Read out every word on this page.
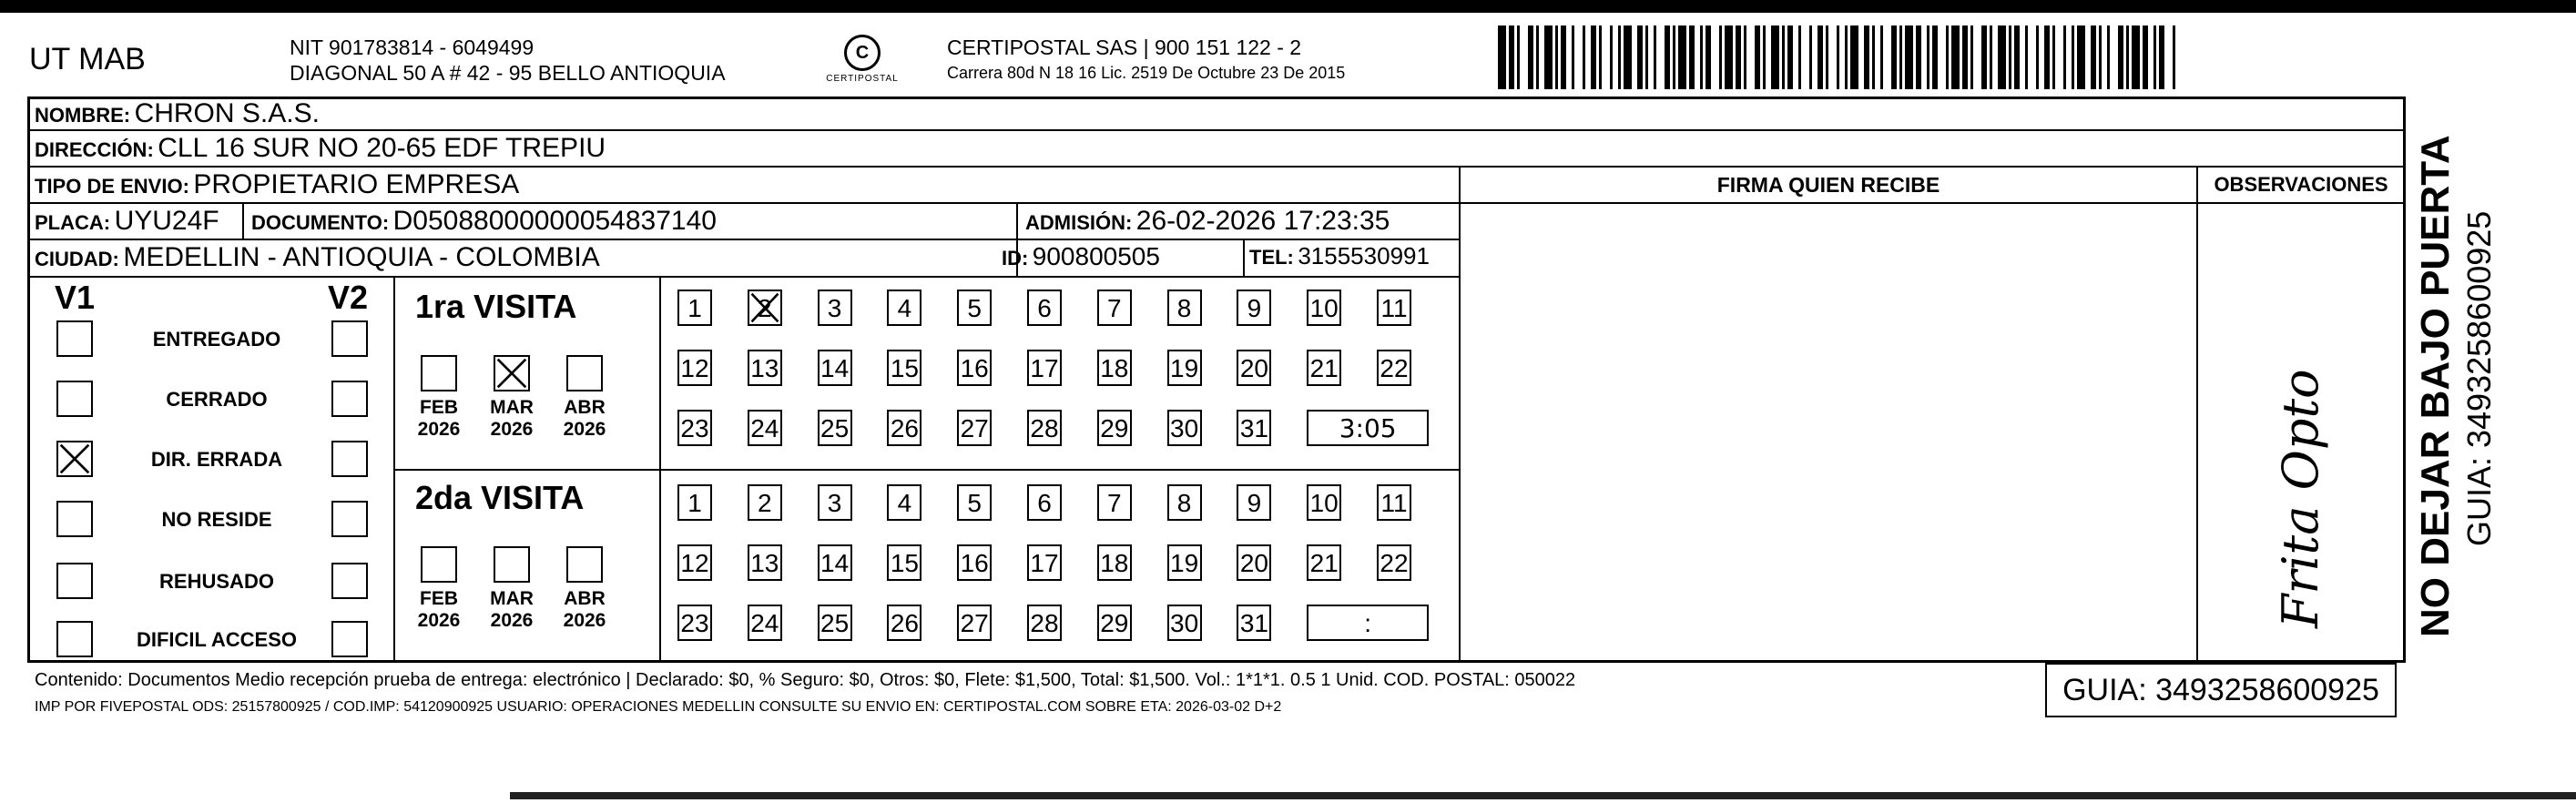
UT MAB	NIT 901783814 - 6049499
DIAGONAL 50 A # 42 - 95 BELLO ANTIOQUIA
C
CERTIPOSTAL
CERTIPOSTAL SAS | 900 151 122 - 2
Carrera 80d N 18 16 Lic. 2519 De Octubre 23 De 2015
NOMBRE: CHRON S.A.S.
DIRECCIÓN: CLL 16 SUR NO 20-65 EDF TREPIU
TIPO DE ENVIO: PROPIETARIO EMPRESA
PLACA: UYU24F DOCUMENTO: D05088000000054837140	ADMISIÓN: 26-02-2026 17:23:35
CIUDAD: MEDELLIN - ANTIOQUIA - COLOMBIA	ID: 900800505	TEL: 3155530991
FIRMA QUIEN RECIBE	OBSERVACIONES
V1	V2
ENTREGADO
CERRADO
DIR. ERRADA
NO RESIDE
REHUSADO
DIFICIL ACCESO
1ra VISITA
2da VISITA
FEB
2026
MAR
2026
ABR
2026
FEB
2026
MAR
2026
ABR
2026
1	2	3	4	5	6	7	8	9	10 11
12 13 14 15 16 17 18 19 20 21 22
23 24 25 26 27 28 29 30 31	3:05
1	2	3	4	5	6	7	8	9	10 11
12 13 14 15 16 17 18 19 20 21 22
23 24 25 26 27 28 29 30 31	:	Frita Opto
Contenido: Documentos Medio recepción prueba de entrega: electrónico | Declarado: $0, % Seguro: $0, Otros: $0, Flete: $1,500, Total: $1,500. Vol.: 1*1*1. 0.5 1 Unid. COD. POSTAL: 050022
IMP POR FIVEPOSTAL ODS: 25157800925 / COD.IMP: 54120900925 USUARIO: OPERACIONES MEDELLIN CONSULTE SU ENVIO EN: CERTIPOSTAL.COM SOBRE ETA: 2026-03-02 D+2	GUIA: 3493258600925
NO DEJAR BAJO PUERTA GUIA: 3493258600925
